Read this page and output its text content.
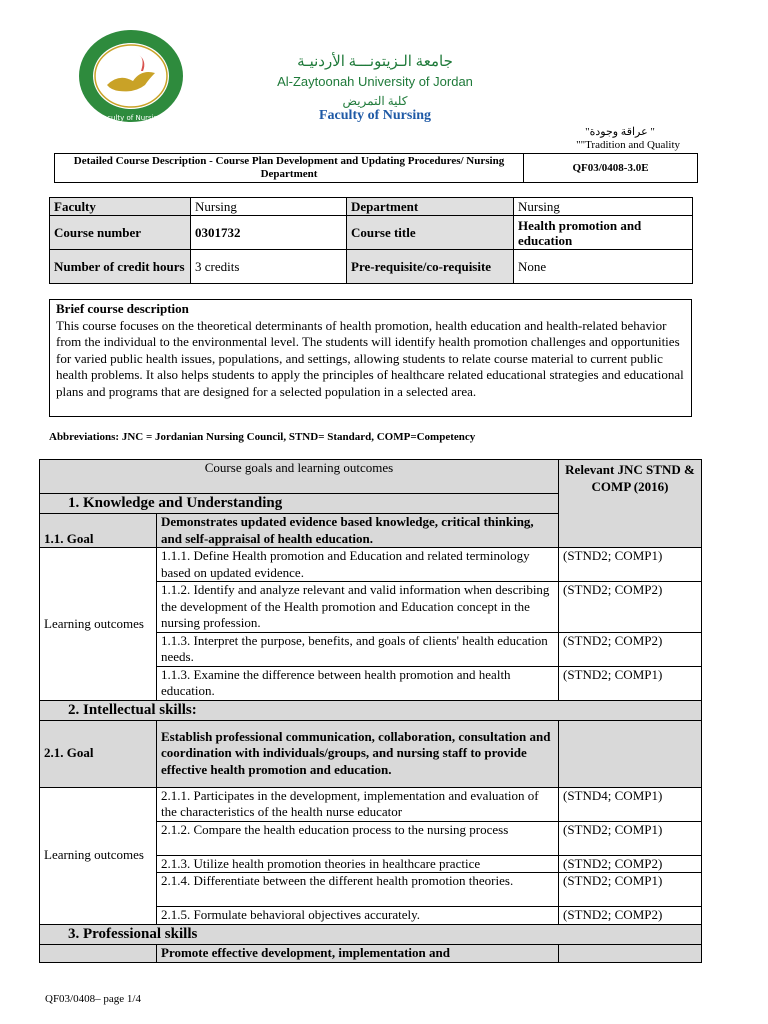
Faculty of Nursing
جامعة الـزيتونـــة الأردنيـة
Al-Zaytoonah University of Jordan
كلية التمريض
Faculty of Nursing
"عراقة وجودة "
""Tradition and Quality
Detailed Course Description - Course Plan Development and Updating Procedures/ Nursing Department	QF03/0408-3.0E
Faculty	Nursing	Department	Nursing
Course number	0301732	Course title	Health promotion and education
Number of credit hours	3 credits	Pre-requisite/co-requisite	None
Brief course description
This course focuses on the theoretical determinants of health promotion, health education and health-related behavior from the individual to the environmental level. The students will identify health promotion challenges and opportunities for varied public health issues, populations, and settings, allowing students to relate course material to current public health problems. It also helps students to apply the principles of healthcare related educational strategies and educational plans and programs that are designed for a selected population in a selected area.
Abbreviations: JNC = Jordanian Nursing Council, STND= Standard, COMP=Competency
Course goals and learning outcomes		Relevant JNC STND & COMP (2016)
1. Knowledge and Understanding		
1.1. Goal	Demonstrates updated evidence based knowledge, critical thinking, and self-appraisal of health education.	
Learning outcomes	1.1.1. Define Health promotion and Education and related terminology based on updated evidence.	(STND2; COMP1)
	1.1.2. Identify and analyze relevant and valid information when describing the development of the Health promotion and Education concept in the nursing profession.	(STND2; COMP2)
	1.1.3. Interpret the purpose, benefits, and goals of clients' health education needs.	(STND2; COMP2)
	1.1.3. Examine the difference between health promotion and health education.	(STND2; COMP1)
2. Intellectual skills:		
2.1. Goal	Establish professional communication, collaboration, consultation and coordination with individuals/groups, and nursing staff to provide effective health promotion and education.	
Learning outcomes	2.1.1. Participates in the development, implementation and evaluation of the characteristics of the health nurse educator	(STND4; COMP1)
	2.1.2. Compare the health education process to the nursing process	(STND2; COMP1)
	2.1.3. Utilize health promotion theories in healthcare practice	(STND2; COMP2)
	2.1.4. Differentiate between the different health promotion theories.	(STND2; COMP1)
	2.1.5. Formulate behavioral objectives accurately.	(STND2; COMP2)
3. Professional skills		
	Promote effective development, implementation and	
QF03/0408– page 1/4
